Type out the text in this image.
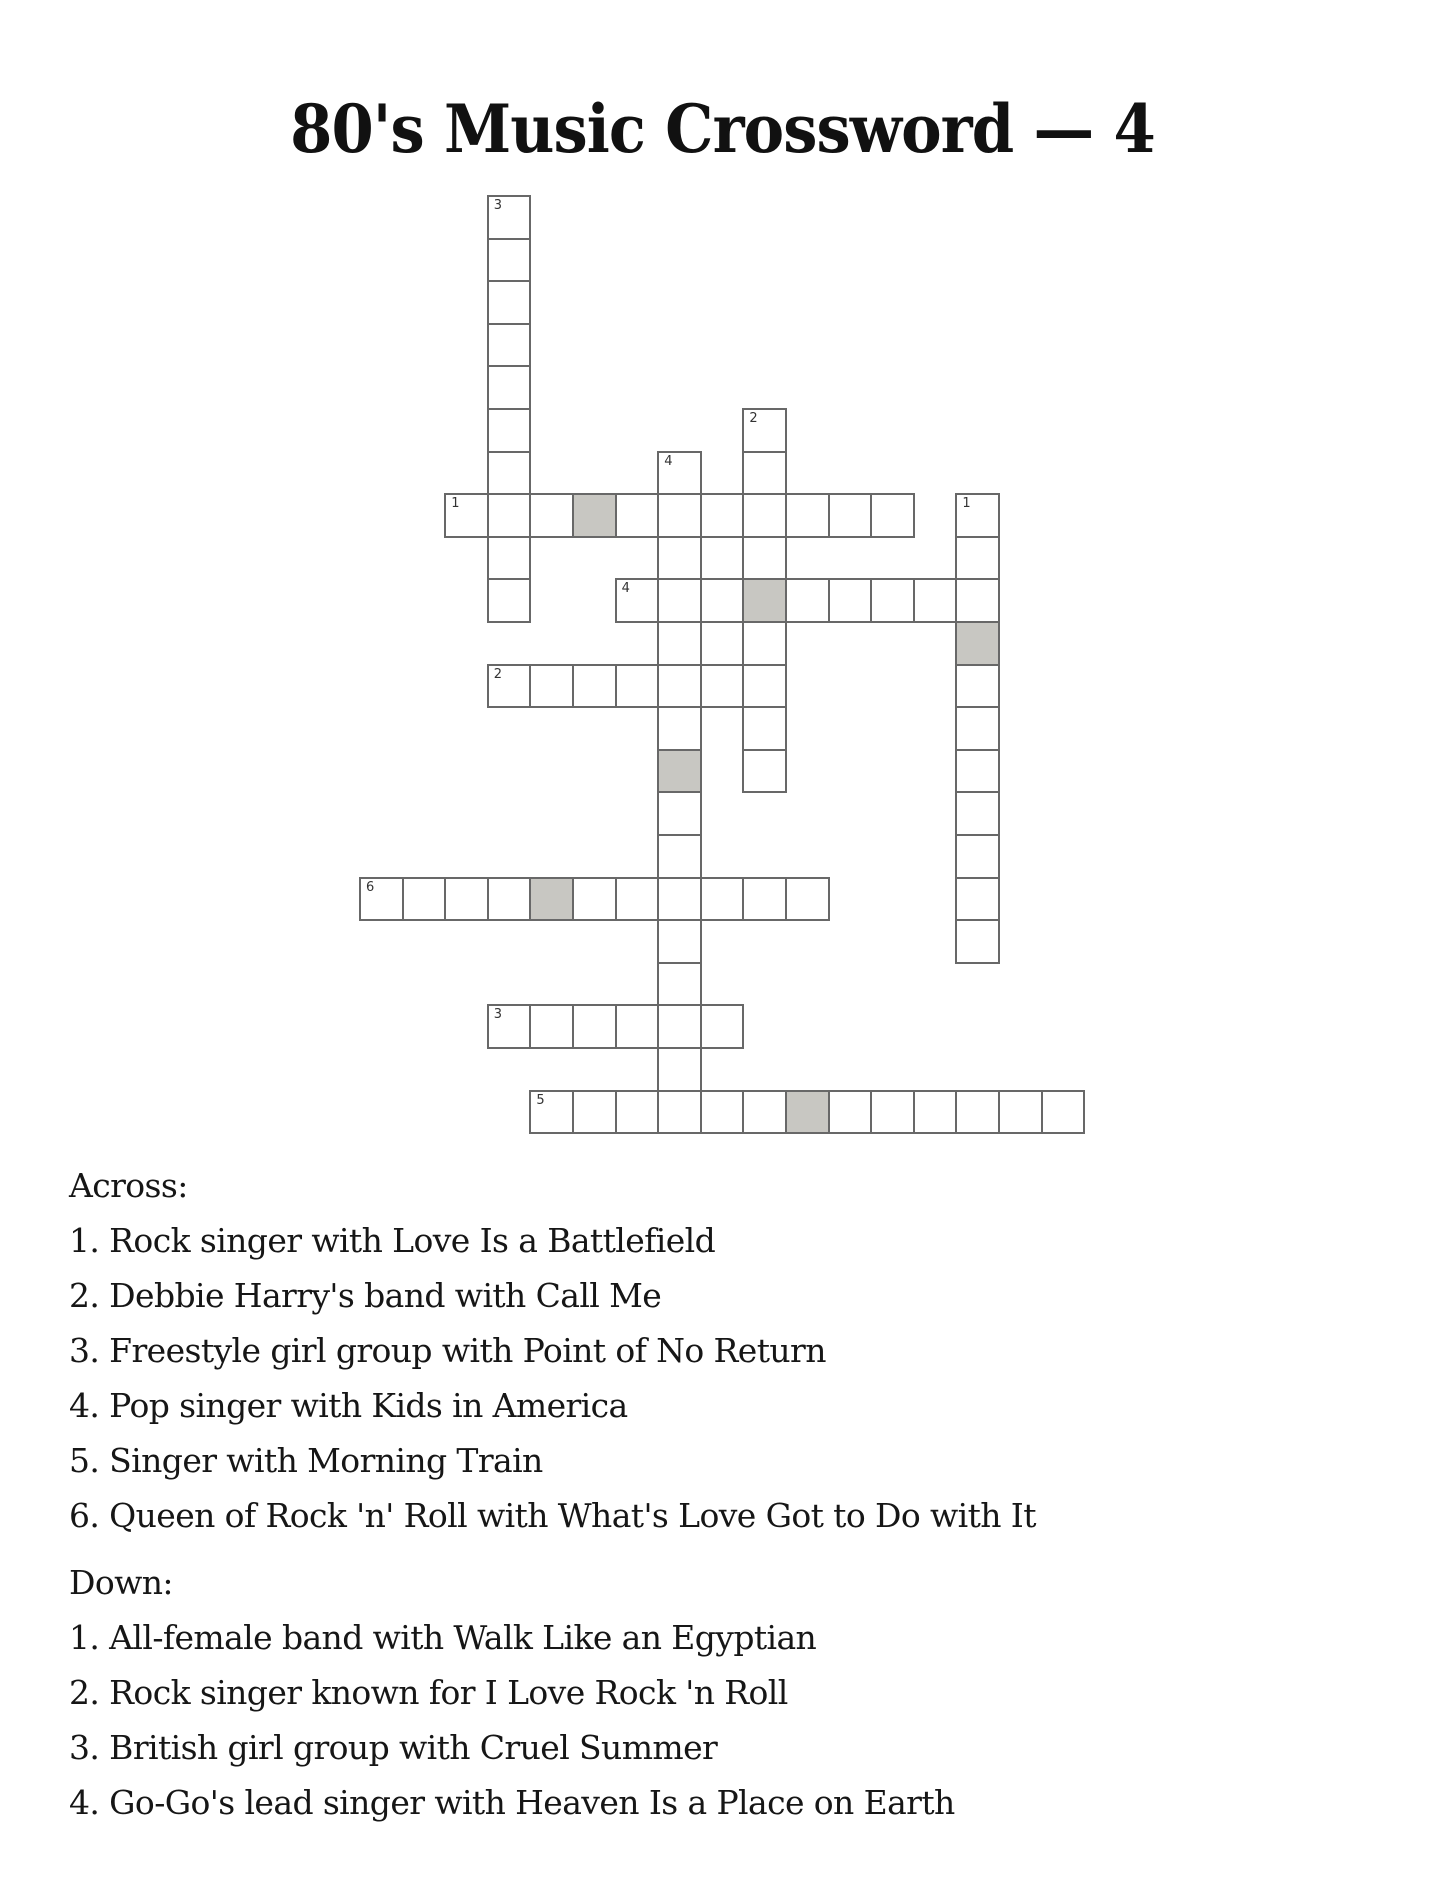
80's Music Crossword — 4
1
2
3
4
5
6
1
2
3
4
Across:
1. Rock singer with Love Is a Battlefield
2. Debbie Harry's band with Call Me
3. Freestyle girl group with Point of No Return
4. Pop singer with Kids in America
5. Singer with Morning Train
6. Queen of Rock 'n' Roll with What's Love Got to Do with It
Down:
1. All-female band with Walk Like an Egyptian
2. Rock singer known for I Love Rock 'n Roll
3. British girl group with Cruel Summer
4. Go-Go's lead singer with Heaven Is a Place on Earth
